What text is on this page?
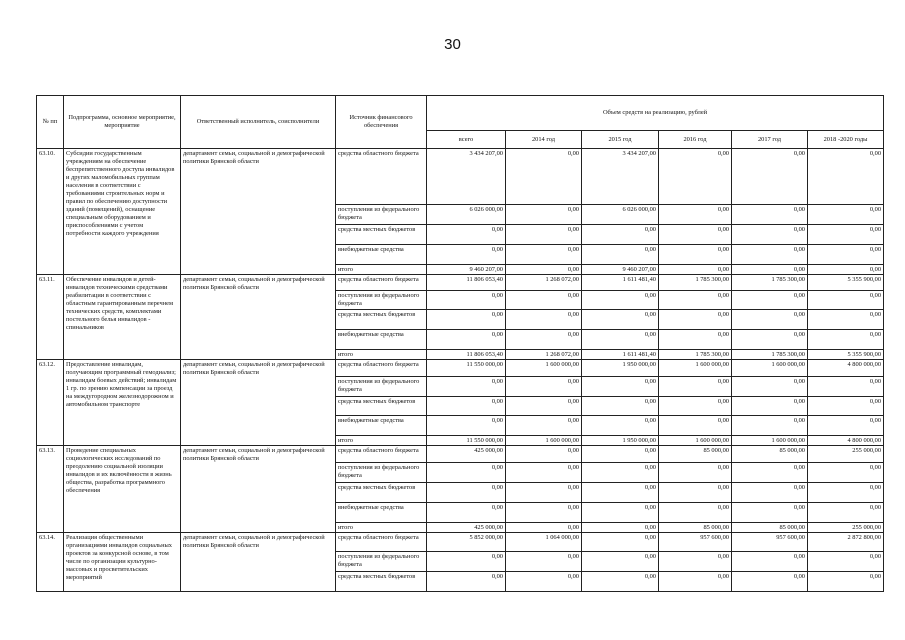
30
№ пп	Подпрограмма, основное мероприятие, мероприятие	Ответственный исполнитель, соисполнители	Источник финансового обеспечения	Объем средств на реализацию, рублей					
				всего	2014 год	2015 год	2016 год	2017 год	2018 -2020 годы
63.10.	Субсидии государственным учреждениям на обеспечение беспрепятственного доступа инвалидов и других маломобильных группам населения в соответствии с требованиями строительных норм и правил по обеспечению доступности зданий (помещений), оснащение специальным оборудованием и приспособлениями с учетом потребности каждого учреждения	департамент семьи, социальной и демографической политики Брянской области	средства областного бюджета	3 434 207,00	0,00	3 434 207,00	0,00	0,00	0,00
			поступления из федерального бюджета	6 026 000,00	0,00	6 026 000,00	0,00	0,00	0,00
			средства местных бюджетов	0,00	0,00	0,00	0,00	0,00	0,00
			внебюджетные средства	0,00	0,00	0,00	0,00	0,00	0,00
			итого	9 460 207,00	0,00	9 460 207,00	0,00	0,00	0,00
63.11.	Обеспечение инвалидов и детей-инвалидов техническими средствами реабилитации в соответствии с областным гарантированным перечнем технических средств, комплектами постельного белья инвалидов - спинальников	департамент семьи, социальной и демографической политики Брянской области	средства областного бюджета	11 806 053,40	1 268 072,00	1 611 481,40	1 785 300,00	1 785 300,00	5 355 900,00
			поступления из федерального бюджета	0,00	0,00	0,00	0,00	0,00	0,00
			средства местных бюджетов	0,00	0,00	0,00	0,00	0,00	0,00
			внебюджетные средства	0,00	0,00	0,00	0,00	0,00	0,00
			итого	11 806 053,40	1 268 072,00	1 611 481,40	1 785 300,00	1 785 300,00	5 355 900,00
63.12.	Предоставление инвалидам, получающим программный гемодиализ; инвалидам боевых действий; инвалидам 1 гр. по зрению компенсации за проезд на междугородном железнодорожном и автомобильном транспорте	департамент семьи, социальной и демографической политики Брянской области	средства областного бюджета	11 550 000,00	1 600 000,00	1 950 000,00	1 600 000,00	1 600 000,00	4 800 000,00
			поступления из федерального бюджета	0,00	0,00	0,00	0,00	0,00	0,00
			средства местных бюджетов	0,00	0,00	0,00	0,00	0,00	0,00
			внебюджетные средства	0,00	0,00	0,00	0,00	0,00	0,00
			итого	11 550 000,00	1 600 000,00	1 950 000,00	1 600 000,00	1 600 000,00	4 800 000,00
63.13.	Проведение специальных социологических исследований по преодолению социальной изоляции инвалидов и их включённости в жизнь общества, разработка программного обеспечения	департамент семьи, социальной и демографической политики Брянской области	средства областного бюджета	425 000,00	0,00	0,00	85 000,00	85 000,00	255 000,00
			поступления из федерального бюджета	0,00	0,00	0,00	0,00	0,00	0,00
			средства местных бюджетов	0,00	0,00	0,00	0,00	0,00	0,00
			внебюджетные средства	0,00	0,00	0,00	0,00	0,00	0,00
			итого	425 000,00	0,00	0,00	85 000,00	85 000,00	255 000,00
63.14.	Реализация общественными организациями инвалидов социальных проектов за конкурсной основе, в том числе по организации культурно-массовых и просветительских мероприятий	департамент семьи, социальной и демографической политики Брянской области	средства областного бюджета	5 852 000,00	1 064 000,00	0,00	957 600,00	957 600,00	2 872 800,00
			поступления из федерального бюджета	0,00	0,00	0,00	0,00	0,00	0,00
			средства местных бюджетов	0,00	0,00	0,00	0,00	0,00	0,00
